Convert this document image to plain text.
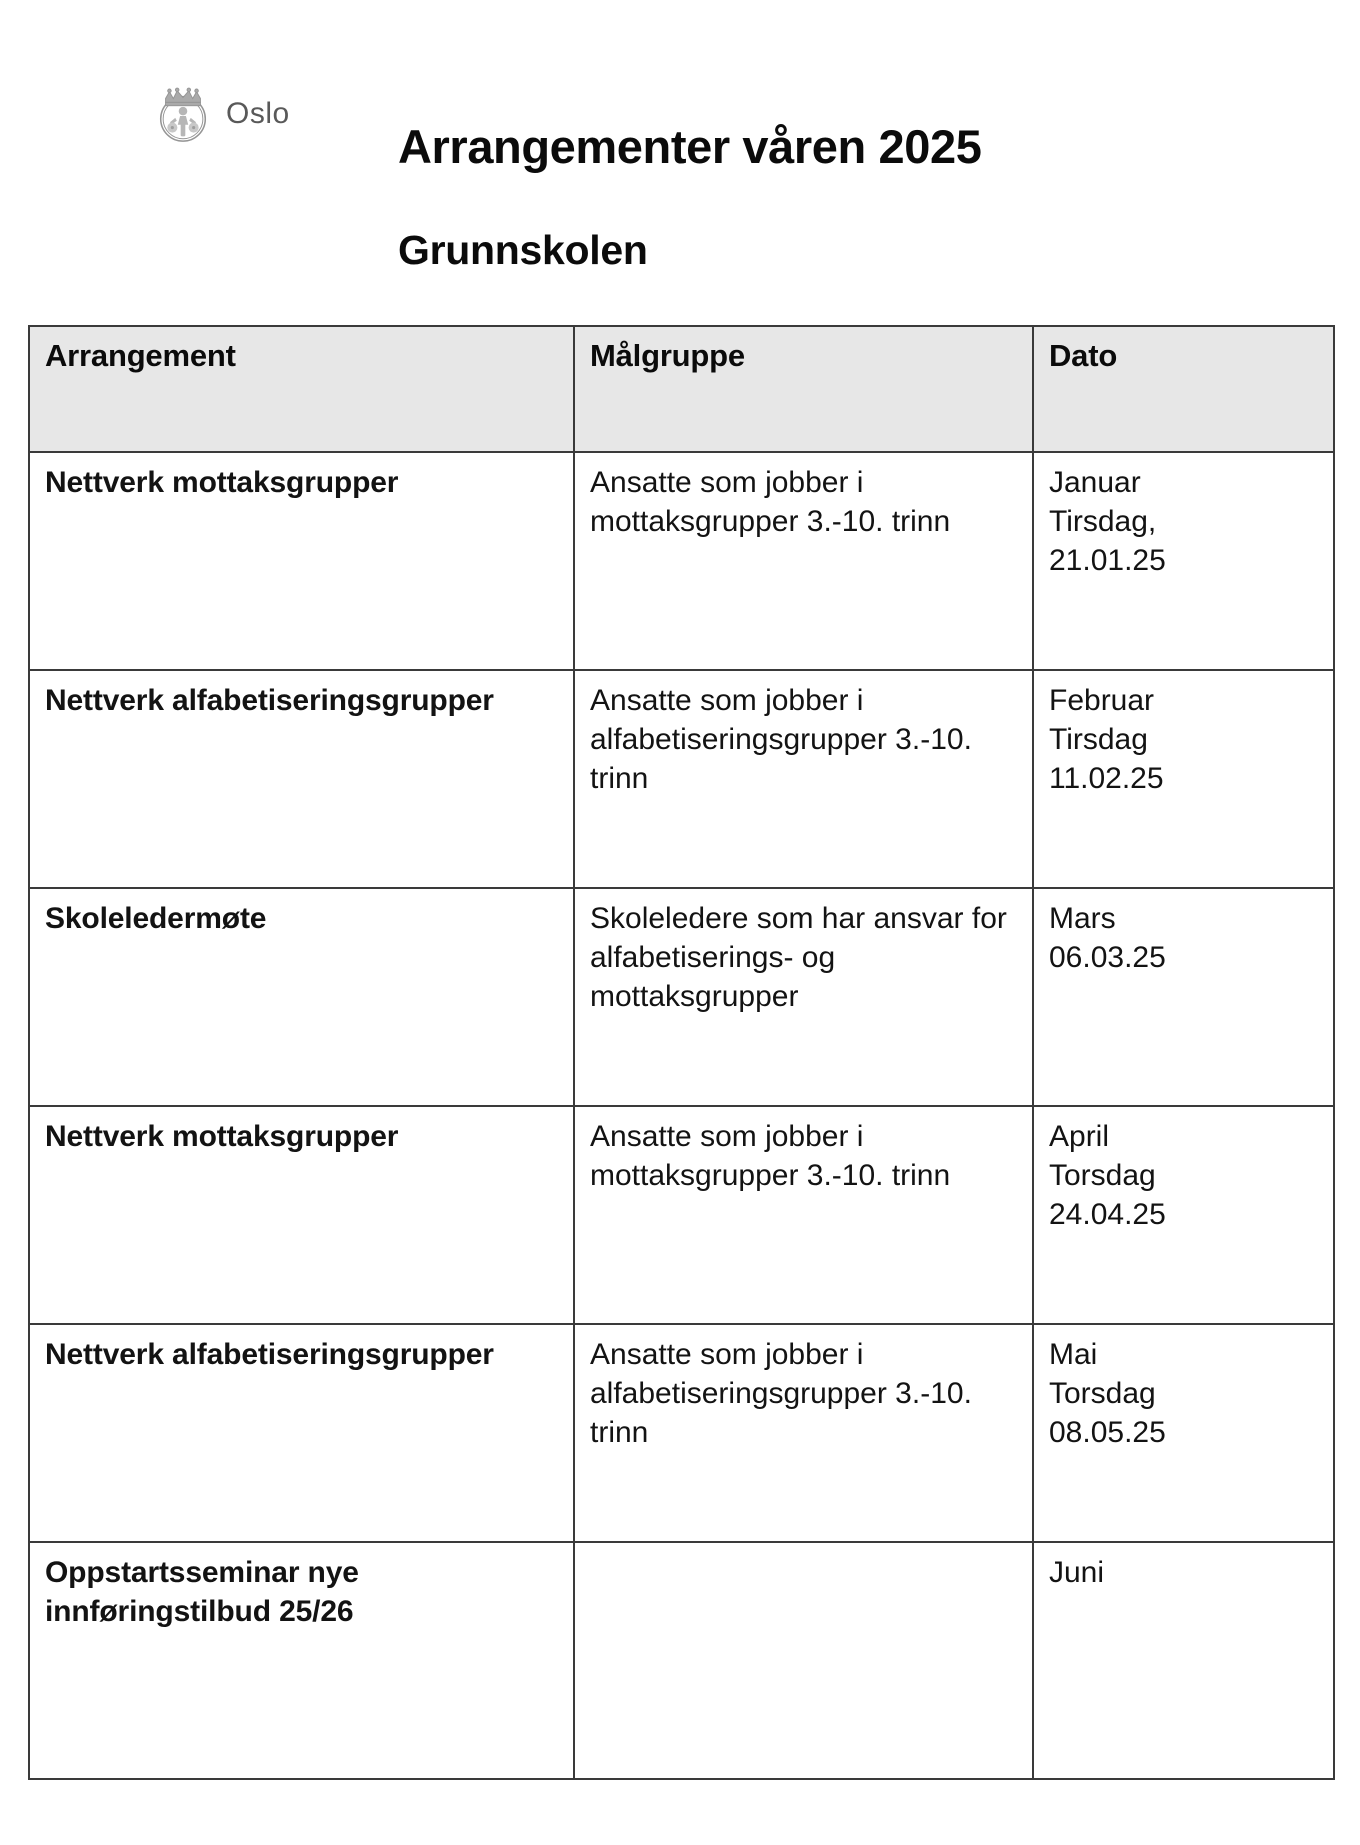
Oslo
Arrangementer våren 2025
Grunnskolen
Arrangement	Målgruppe	Dato
Nettverk mottaksgrupper	Ansatte som jobber i mottaksgrupper 3.-10. trinn	Januar
Tirsdag,
21.01.25

Nettverk alfabetiseringsgrupper	Ansatte som jobber i alfabetiseringsgrupper 3.-10. trinn	Februar
Tirsdag
11.02.25

Skoleledermøte	Skoleledere som har ansvar for alfabetiserings- og mottaksgrupper	Mars
06.03.25

Nettverk mottaksgrupper	Ansatte som jobber i mottaksgrupper 3.-10. trinn	April
Torsdag
24.04.25

Nettverk alfabetiseringsgrupper	Ansatte som jobber i alfabetiseringsgrupper 3.-10. trinn	Mai
Torsdag
08.05.25

Oppstartsseminar nye innføringstilbud 25/26		Juni
